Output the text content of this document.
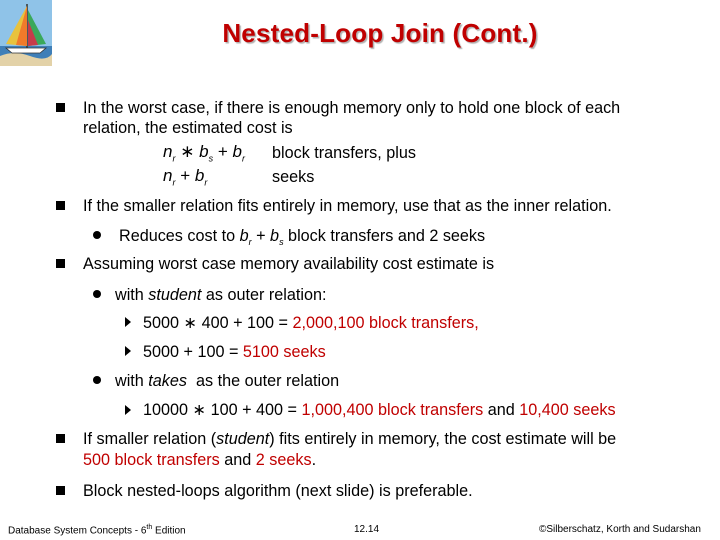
Nested-Loop Join (Cont.)
In the worst case, if there is enough memory only to hold one block of each
relation, the estimated cost is
$n_r$ ∗ $b_s + b_r$ block transfers, plus
$n_r + b_r$	seeks
If the smaller relation fits entirely in memory, use that as the inner relation.
Reduces cost to $b_r + b_s$ block transfers and 2 seeks
Assuming worst case memory availability cost estimate is
with student as outer relation:
5000 ∗ 400 + 100 = 2,000,100 block transfers,
5000 + 100 = 5100 seeks
with takes  as the outer relation
10000 ∗ 100 + 400 = 1,000,400 block transfers and 10,400 seeks
If smaller relation (student) fits entirely in memory, the cost estimate will be
500 block transfers and 2 seeks.
Block nested-loops algorithm (next slide) is preferable.
Database System Concepts - 6th Edition	12.14	©Silberschatz, Korth and Sudarshan
